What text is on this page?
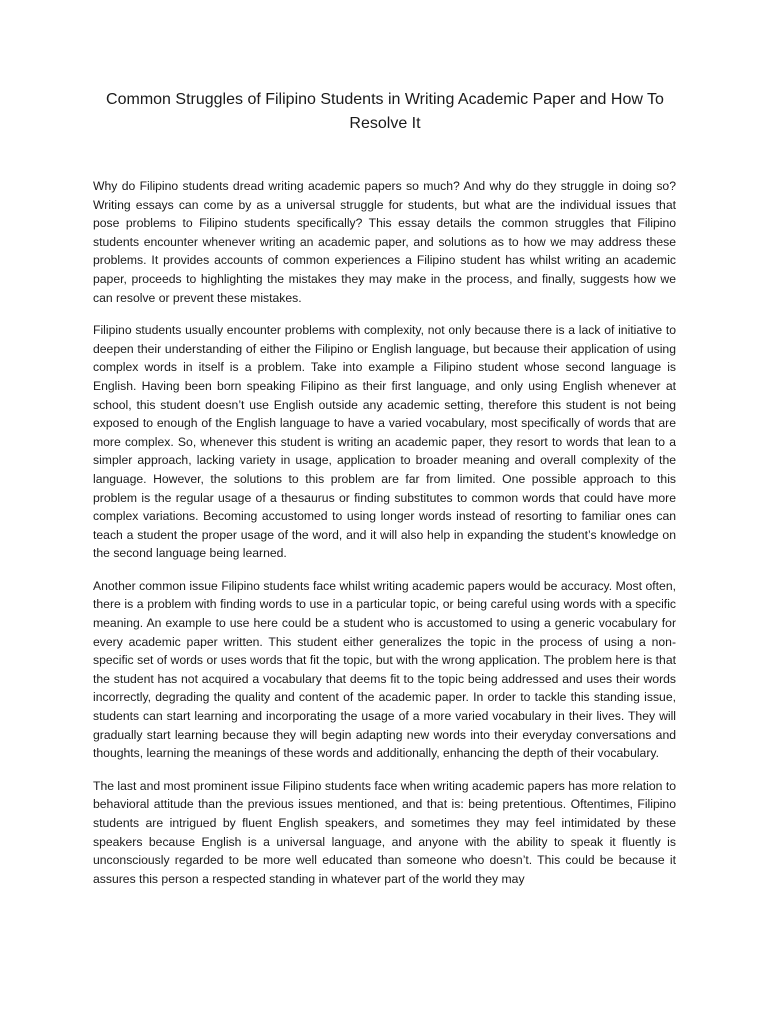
Common Struggles of Filipino Students in Writing Academic Paper and How To Resolve It

Why do Filipino students dread writing academic papers so much? And why do they struggle in doing so? Writing essays can come by as a universal struggle for students, but what are the individual issues that pose problems to Filipino students specifically? This essay details the common struggles that Filipino students encounter whenever writing an academic paper, and solutions as to how we may address these problems. It provides accounts of common experiences a Filipino student has whilst writing an academic paper, proceeds to highlighting the mistakes they may make in the process, and finally, suggests how we can resolve or prevent these mistakes.

Filipino students usually encounter problems with complexity, not only because there is a lack of initiative to deepen their understanding of either the Filipino or English language, but because their application of using complex words in itself is a problem. Take into example a Filipino student whose second language is English. Having been born speaking Filipino as their first language, and only using English whenever at school, this student doesn’t use English outside any academic setting, therefore this student is not being exposed to enough of the English language to have a varied vocabulary, most specifically of words that are more complex. So, whenever this student is writing an academic paper, they resort to words that lean to a simpler approach, lacking variety in usage, application to broader meaning and overall complexity of the language. However, the solutions to this problem are far from limited. One possible approach to this problem is the regular usage of a thesaurus or finding substitutes to common words that could have more complex variations. Becoming accustomed to using longer words instead of resorting to familiar ones can teach a student the proper usage of the word, and it will also help in expanding the student’s knowledge on the second language being learned.

Another common issue Filipino students face whilst writing academic papers would be accuracy. Most often, there is a problem with finding words to use in a particular topic, or being careful using words with a specific meaning. An example to use here could be a student who is accustomed to using a generic vocabulary for every academic paper written. This student either generalizes the topic in the process of using a non-specific set of words or uses words that fit the topic, but with the wrong application. The problem here is that the student has not acquired a vocabulary that deems fit to the topic being addressed and uses their words incorrectly, degrading the quality and content of the academic paper. In order to tackle this standing issue, students can start learning and incorporating the usage of a more varied vocabulary in their lives. They will gradually start learning because they will begin adapting new words into their everyday conversations and thoughts, learning the meanings of these words and additionally, enhancing the depth of their vocabulary.

The last and most prominent issue Filipino students face when writing academic papers has more relation to behavioral attitude than the previous issues mentioned, and that is: being pretentious. Oftentimes, Filipino students are intrigued by fluent English speakers, and sometimes they may feel intimidated by these speakers because English is a universal language, and anyone with the ability to speak it fluently is unconsciously regarded to be more well educated than someone who doesn’t. This could be because it assures this person a respected standing in whatever part of the world they may
